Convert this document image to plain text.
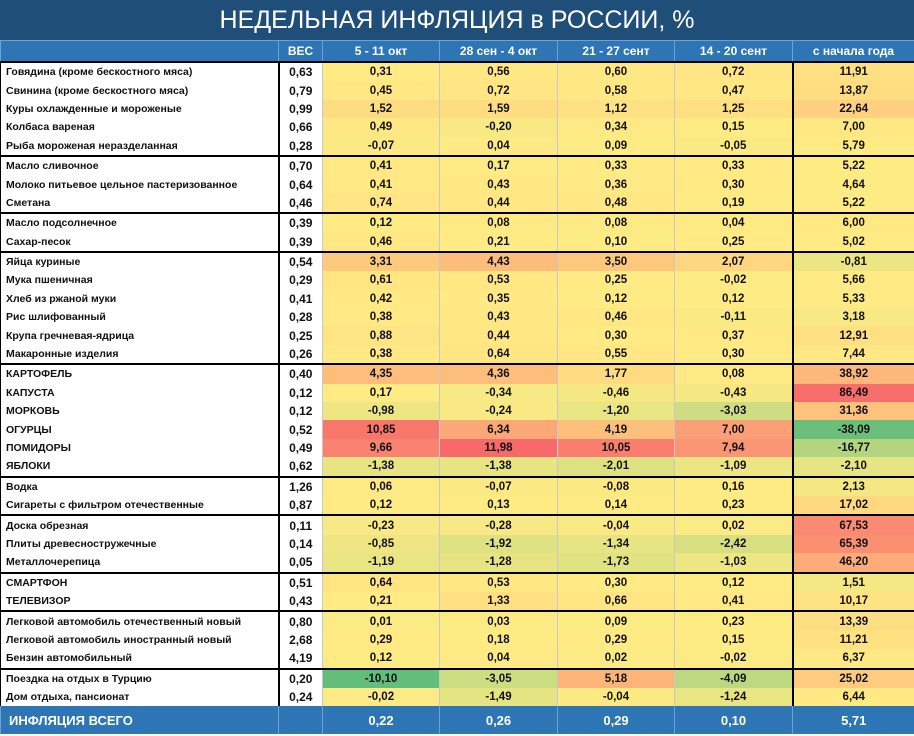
НЕДЕЛЬНАЯ ИНФЛЯЦИЯ в РОССИИ, %
	ВЕС	5 - 11 окт	28 сен - 4 окт	21 - 27 сент	14 - 20 сент	с начала года
Говядина (кроме бескостного мяса)	0,63	0,31	0,56	0,60	0,72	11,91
Свинина (кроме бескостного мяса)	0,79	0,45	0,72	0,58	0,47	13,87
Куры охлажденные и мороженые	0,99	1,52	1,59	1,12	1,25	22,64
Колбаса вареная	0,66	0,49	-0,20	0,34	0,15	7,00
Рыба мороженая неразделанная	0,28	-0,07	0,04	0,09	-0,05	5,79
Масло сливочное	0,70	0,41	0,17	0,33	0,33	5,22
Молоко питьевое цельное пастеризованное	0,64	0,41	0,43	0,36	0,30	4,64
Сметана	0,46	0,74	0,44	0,48	0,19	5,22
Масло подсолнечное	0,39	0,12	0,08	0,08	0,04	6,00
Сахар-песок	0,39	0,46	0,21	0,10	0,25	5,02
Яйца куриные	0,54	3,31	4,43	3,50	2,07	-0,81
Мука пшеничная	0,29	0,61	0,53	0,25	-0,02	5,66
Хлеб из ржаной муки	0,41	0,42	0,35	0,12	0,12	5,33
Рис шлифованный	0,28	0,38	0,43	0,46	-0,11	3,18
Крупа гречневая-ядрица	0,25	0,88	0,44	0,30	0,37	12,91
Макаронные изделия	0,26	0,38	0,64	0,55	0,30	7,44
КАРТОФЕЛЬ	0,40	4,35	4,36	1,77	0,08	38,92
КАПУСТА	0,12	0,17	-0,34	-0,46	-0,43	86,49
МОРКОВЬ	0,12	-0,98	-0,24	-1,20	-3,03	31,36
ОГУРЦЫ	0,52	10,85	6,34	4,19	7,00	-38,09
ПОМИДОРЫ	0,49	9,66	11,98	10,05	7,94	-16,77
ЯБЛОКИ	0,62	-1,38	-1,38	-2,01	-1,09	-2,10
Водка	1,26	0,06	-0,07	-0,08	0,16	2,13
Сигареты с фильтром отечественные	0,87	0,12	0,13	0,14	0,23	17,02
Доска обрезная	0,11	-0,23	-0,28	-0,04	0,02	67,53
Плиты древесностружечные	0,14	-0,85	-1,92	-1,34	-2,42	65,39
Металлочерепица	0,05	-1,19	-1,28	-1,73	-1,03	46,20
СМАРТФОН	0,51	0,64	0,53	0,30	0,12	1,51
ТЕЛЕВИЗОР	0,43	0,21	1,33	0,66	0,41	10,17
Легковой автомобиль отечественный новый	0,80	0,01	0,03	0,09	0,23	13,39
Легковой автомобиль иностранный новый	2,68	0,29	0,18	0,29	0,15	11,21
Бензин автомобильный	4,19	0,12	0,04	0,02	-0,02	6,37
Поездка на отдых в Турцию	0,20	-10,10	-3,05	5,18	-4,09	25,02
Дом отдыха, пансионат	0,24	-0,02	-1,49	-0,04	-1,24	6,44
ИНФЛЯЦИЯ ВСЕГО		0,22	0,26	0,29	0,10	5,71
